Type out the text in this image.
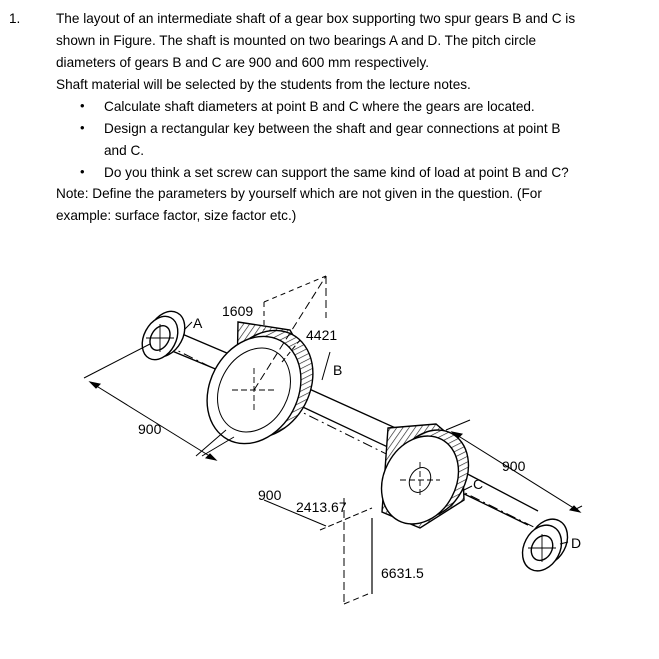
1.	The layout of an intermediate shaft of a gear box supporting two spur gears B and C is
shown in Figure. The shaft is mounted on two bearings A and D. The pitch circle
diameters of gears B and C are 900 and 600 mm respectively.
Shaft material will be selected by the students from the lecture notes.
• Calculate shaft diameters at point B and C where the gears are located.
• Design a rectangular key between the shaft and gear connections at point B
and C.
• Do you think a set screw can support the same kind of load at point B and C?
Note: Define the parameters by yourself which are not given in the question. (For
example: surface factor, size factor etc.)
A
B
C
D
1609
4421
2413.67
6631.5
900
900
900
